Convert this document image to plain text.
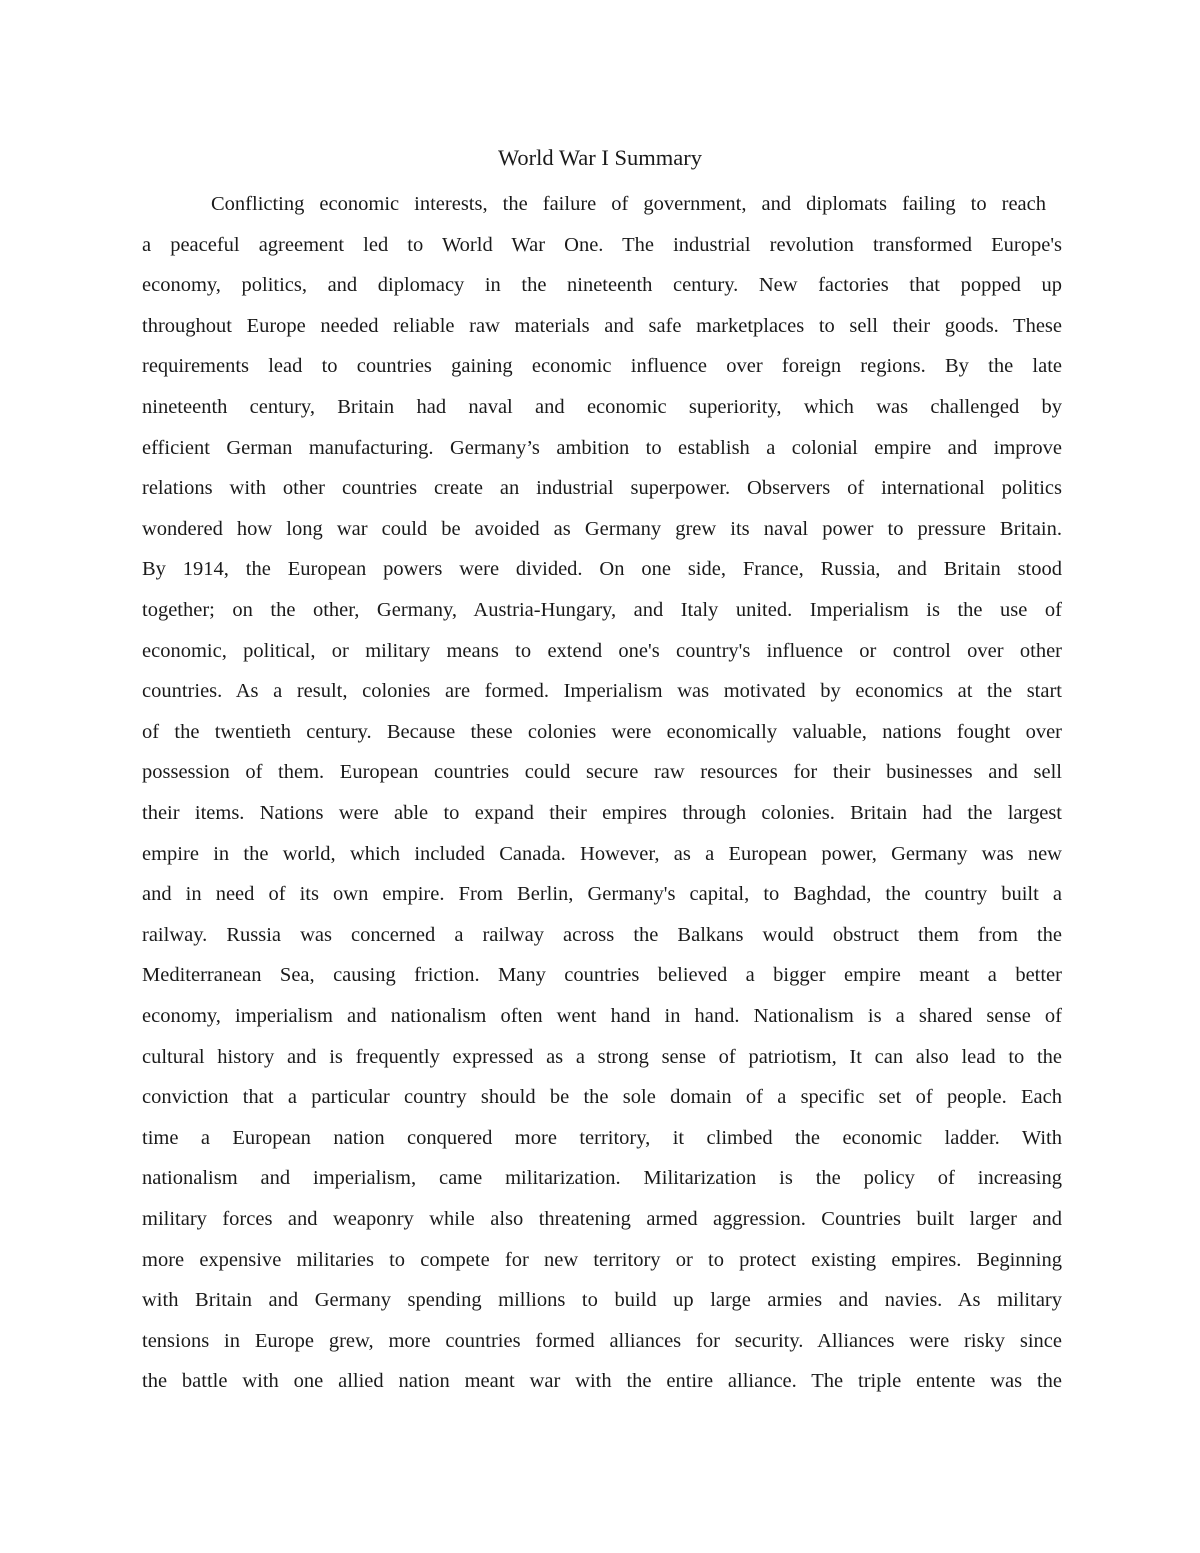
World War I Summary
Conflicting economic interests, the failure of government, and diplomats failing to reach
a peaceful agreement led to World War One. The industrial revolution transformed Europe's
economy, politics, and diplomacy in the nineteenth century. New factories that popped up
throughout Europe needed reliable raw materials and safe marketplaces to sell their goods. These
requirements lead to countries gaining economic influence over foreign regions. By the late
nineteenth century, Britain had naval and economic superiority, which was challenged by
efficient German manufacturing. Germany’s ambition to establish a colonial empire and improve
relations with other countries create an industrial superpower. Observers of international politics
wondered how long war could be avoided as Germany grew its naval power to pressure Britain.
By 1914, the European powers were divided. On one side, France, Russia, and Britain stood
together; on the other, Germany, Austria-Hungary, and Italy united. Imperialism is the use of
economic, political, or military means to extend one's country's influence or control over other
countries. As a result, colonies are formed. Imperialism was motivated by economics at the start
of the twentieth century. Because these colonies were economically valuable, nations fought over
possession of them. European countries could secure raw resources for their businesses and sell
their items. Nations were able to expand their empires through colonies. Britain had the largest
empire in the world, which included Canada. However, as a European power, Germany was new
and in need of its own empire. From Berlin, Germany's capital, to Baghdad, the country built a
railway. Russia was concerned a railway across the Balkans would obstruct them from the
Mediterranean Sea, causing friction. Many countries believed a bigger empire meant a better
economy, imperialism and nationalism often went hand in hand. Nationalism is a shared sense of
cultural history and is frequently expressed as a strong sense of patriotism, It can also lead to the
conviction that a particular country should be the sole domain of a specific set of people. Each
time a European nation conquered more territory, it climbed the economic ladder. With
nationalism and imperialism, came militarization. Militarization is the policy of increasing
military forces and weaponry while also threatening armed aggression. Countries built larger and
more expensive militaries to compete for new territory or to protect existing empires. Beginning
with Britain and Germany spending millions to build up large armies and navies. As military
tensions in Europe grew, more countries formed alliances for security. Alliances were risky since
the battle with one allied nation meant war with the entire alliance. The triple entente was the
